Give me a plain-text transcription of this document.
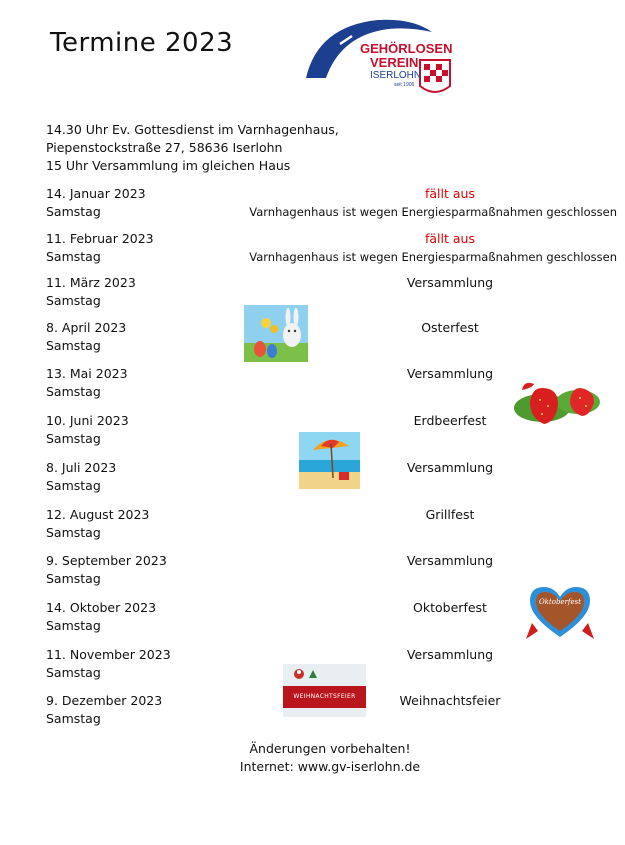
Termine 2023	GEHÖRLOSEN
VEREIN
ISERLOHN
seit 1906
14.30 Uhr Ev. Gottesdienst im Varnhagenhaus,
Piepenstockstraße 27, 58636 Iserlohn
15 Uhr Versammlung im gleichen Haus
14. Januar 2023
Samstag
fällt aus
Varnhagenhaus ist wegen Energiesparmaßnahmen geschlossen
11. Februar 2023
Samstag
fällt aus
Varnhagenhaus ist wegen Energiesparmaßnahmen geschlossen
11. März 2023
Samstag
Versammlung
8. April 2023
Samstag
Osterfest
13. Mai 2023
Samstag
Versammlung
10. Juni 2023
Samstag
Erdbeerfest
8. Juli 2023
Samstag
Versammlung
12. August 2023
Samstag
Grillfest
9. September 2023
Samstag
Versammlung
14. Oktober 2023
Samstag
Oktoberfest
11. November 2023
Samstag
Versammlung
9. Dezember 2023
Samstag
Weihnachtsfeier
Oktoberfest
WEIHNACHTSFEIER
Änderungen vorbehalten!
Internet: www.gv-iserlohn.de
